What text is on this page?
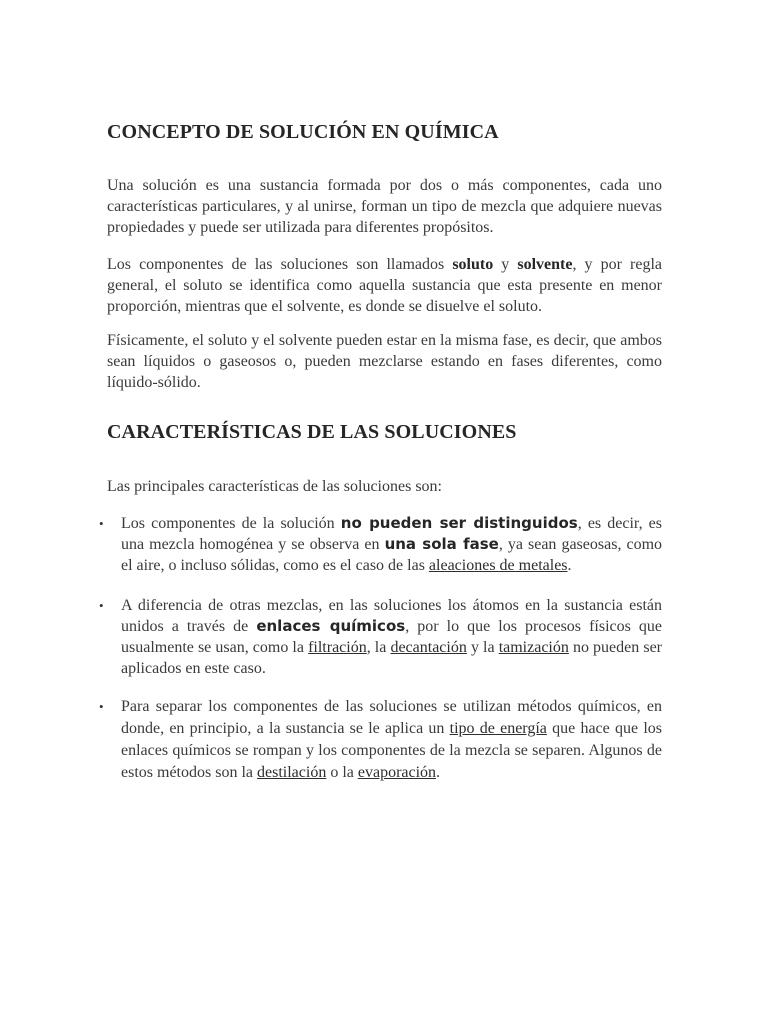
CONCEPTO DE SOLUCIÓN EN QUÍMICA

Una solución es una sustancia formada por dos o más componentes, cada uno características particulares, y al unirse, forman un tipo de mezcla que adquiere nuevas propiedades y puede ser utilizada para diferentes propósitos.

Los componentes de las soluciones son llamados soluto y solvente, y por regla general, el soluto se identifica como aquella sustancia que esta presente en menor proporción, mientras que el solvente, es donde se disuelve el soluto.

Físicamente, el soluto y el solvente pueden estar en la misma fase, es decir, que ambos sean líquidos o gaseosos o, pueden mezclarse estando en fases diferentes, como líquido-sólido.

CARACTERÍSTICAS DE LAS SOLUCIONES

Las principales características de las soluciones son:

• Los componentes de la solución no pueden ser distinguidos, es decir, es una mezcla homogénea y se observa en una sola fase, ya sean gaseosas, como el aire, o incluso sólidas, como es el caso de las aleaciones de metales.
• A diferencia de otras mezclas, en las soluciones los átomos en la sustancia están unidos a través de enlaces químicos, por lo que los procesos físicos que usualmente se usan, como la filtración, la decantación y la tamización no pueden ser aplicados en este caso.
• Para separar los componentes de las soluciones se utilizan métodos químicos, en donde, en principio, a la sustancia se le aplica un tipo de energía que hace que los enlaces químicos se rompan y los componentes de la mezcla se separen. Algunos de estos métodos son la destilación o la evaporación.
